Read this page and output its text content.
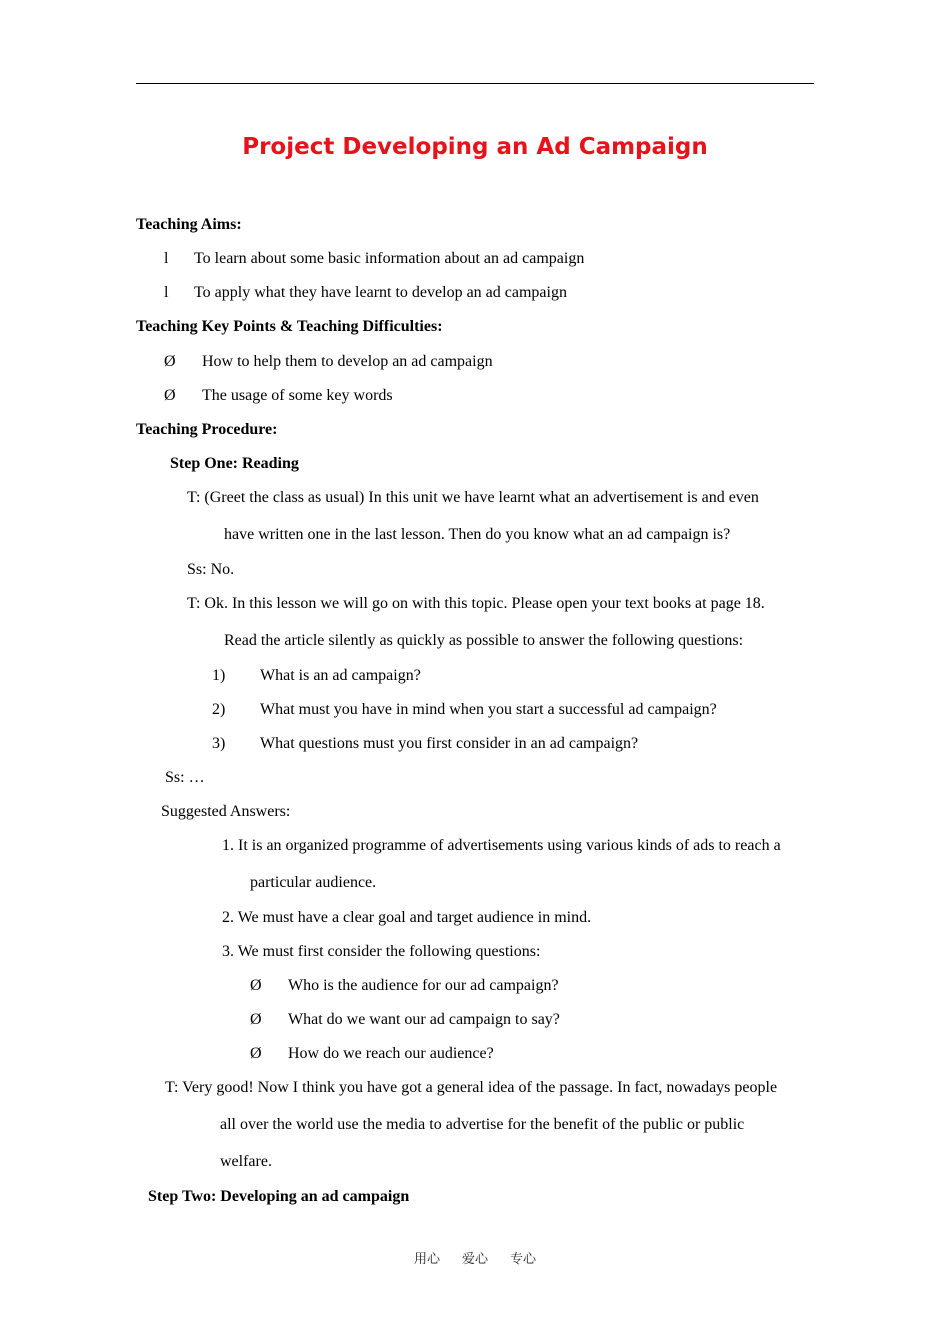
Project Developing an Ad Campaign
Teaching Aims:
l To learn about some basic information about an ad campaign
l To apply what they have learnt to develop an ad campaign
Teaching Key Points & Teaching Difficulties:
Ø How to help them to develop an ad campaign
Ø The usage of some key words
Teaching Procedure:
Step One: Reading
T: (Greet the class as usual) In this unit we have learnt what an advertisement is and even
have written one in the last lesson. Then do you know what an ad campaign is?
Ss: No.
T: Ok. In this lesson we will go on with this topic. Please open your text books at page 18.
Read the article silently as quickly as possible to answer the following questions:
1) What is an ad campaign?
2) What must you have in mind when you start a successful ad campaign?
3) What questions must you first consider in an ad campaign?
Ss: …
Suggested Answers:
1. It is an organized programme of advertisements using various kinds of ads to reach a
particular audience.
2. We must have a clear goal and target audience in mind.
3. We must first consider the following questions:
Ø Who is the audience for our ad campaign?
Ø What do we want our ad campaign to say?
Ø How do we reach our audience?
T: Very good! Now I think you have got a general idea of the passage. In fact, nowadays people
all over the world use the media to advertise for the benefit of the public or public
welfare.
Step Two: Developing an ad campaign
用心 爱心 专心
